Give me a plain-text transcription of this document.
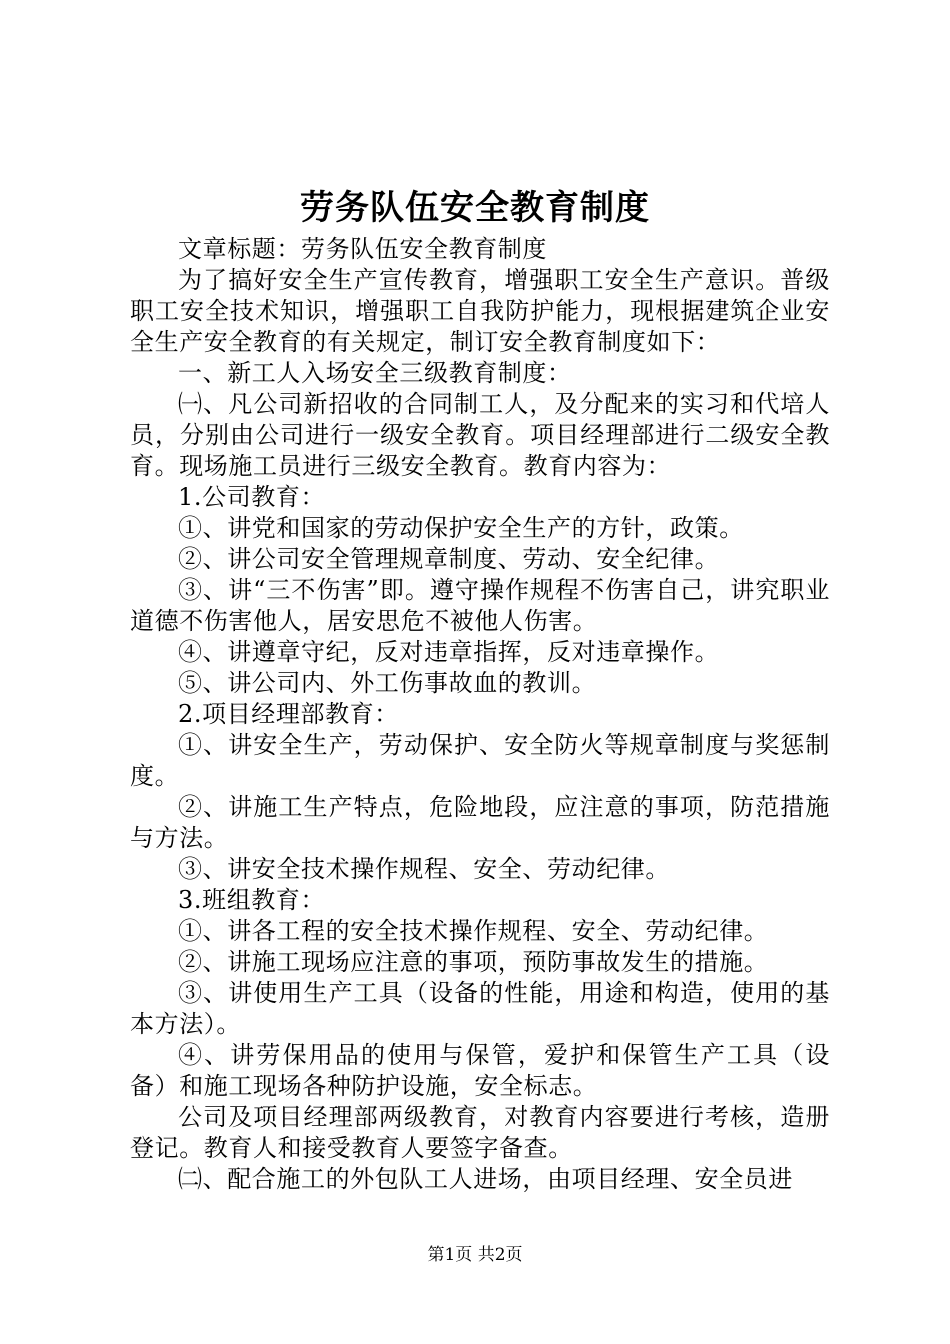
劳务队伍安全教育制度

文章标题：劳务队伍安全教育制度

为了搞好安全生产宣传教育，增强职工安全生产意识。普级职工安全技术知识，增强职工自我防护能力，现根据建筑企业安全生产安全教育的有关规定，制订安全教育制度如下：

一、新工人入场安全三级教育制度：

㈠、凡公司新招收的合同制工人，及分配来的实习和代培人员，分别由公司进行一级安全教育。项目经理部进行二级安全教育。现场施工员进行三级安全教育。教育内容为：

1.公司教育：

①、讲党和国家的劳动保护安全生产的方针，政策。

②、讲公司安全管理规章制度、劳动、安全纪律。

③、讲“三不伤害”即。遵守操作规程不伤害自己，讲究职业道德不伤害他人，居安思危不被他人伤害。

④、讲遵章守纪，反对违章指挥，反对违章操作。

⑤、讲公司内、外工伤事故血的教训。

2.项目经理部教育：

①、讲安全生产，劳动保护、安全防火等规章制度与奖惩制度。

②、讲施工生产特点，危险地段，应注意的事项，防范措施与方法。

③、讲安全技术操作规程、安全、劳动纪律。

3.班组教育：

①、讲各工程的安全技术操作规程、安全、劳动纪律。

②、讲施工现场应注意的事项，预防事故发生的措施。

③、讲使用生产工具（设备的性能，用途和构造，使用的基本方法）。

④、讲劳保用品的使用与保管，爱护和保管生产工具（设备）和施工现场各种防护设施，安全标志。

公司及项目经理部两级教育，对教育内容要进行考核，造册登记。教育人和接受教育人要签字备查。

㈡、配合施工的外包队工人进场，由项目经理、安全员进

第1页 共2页
